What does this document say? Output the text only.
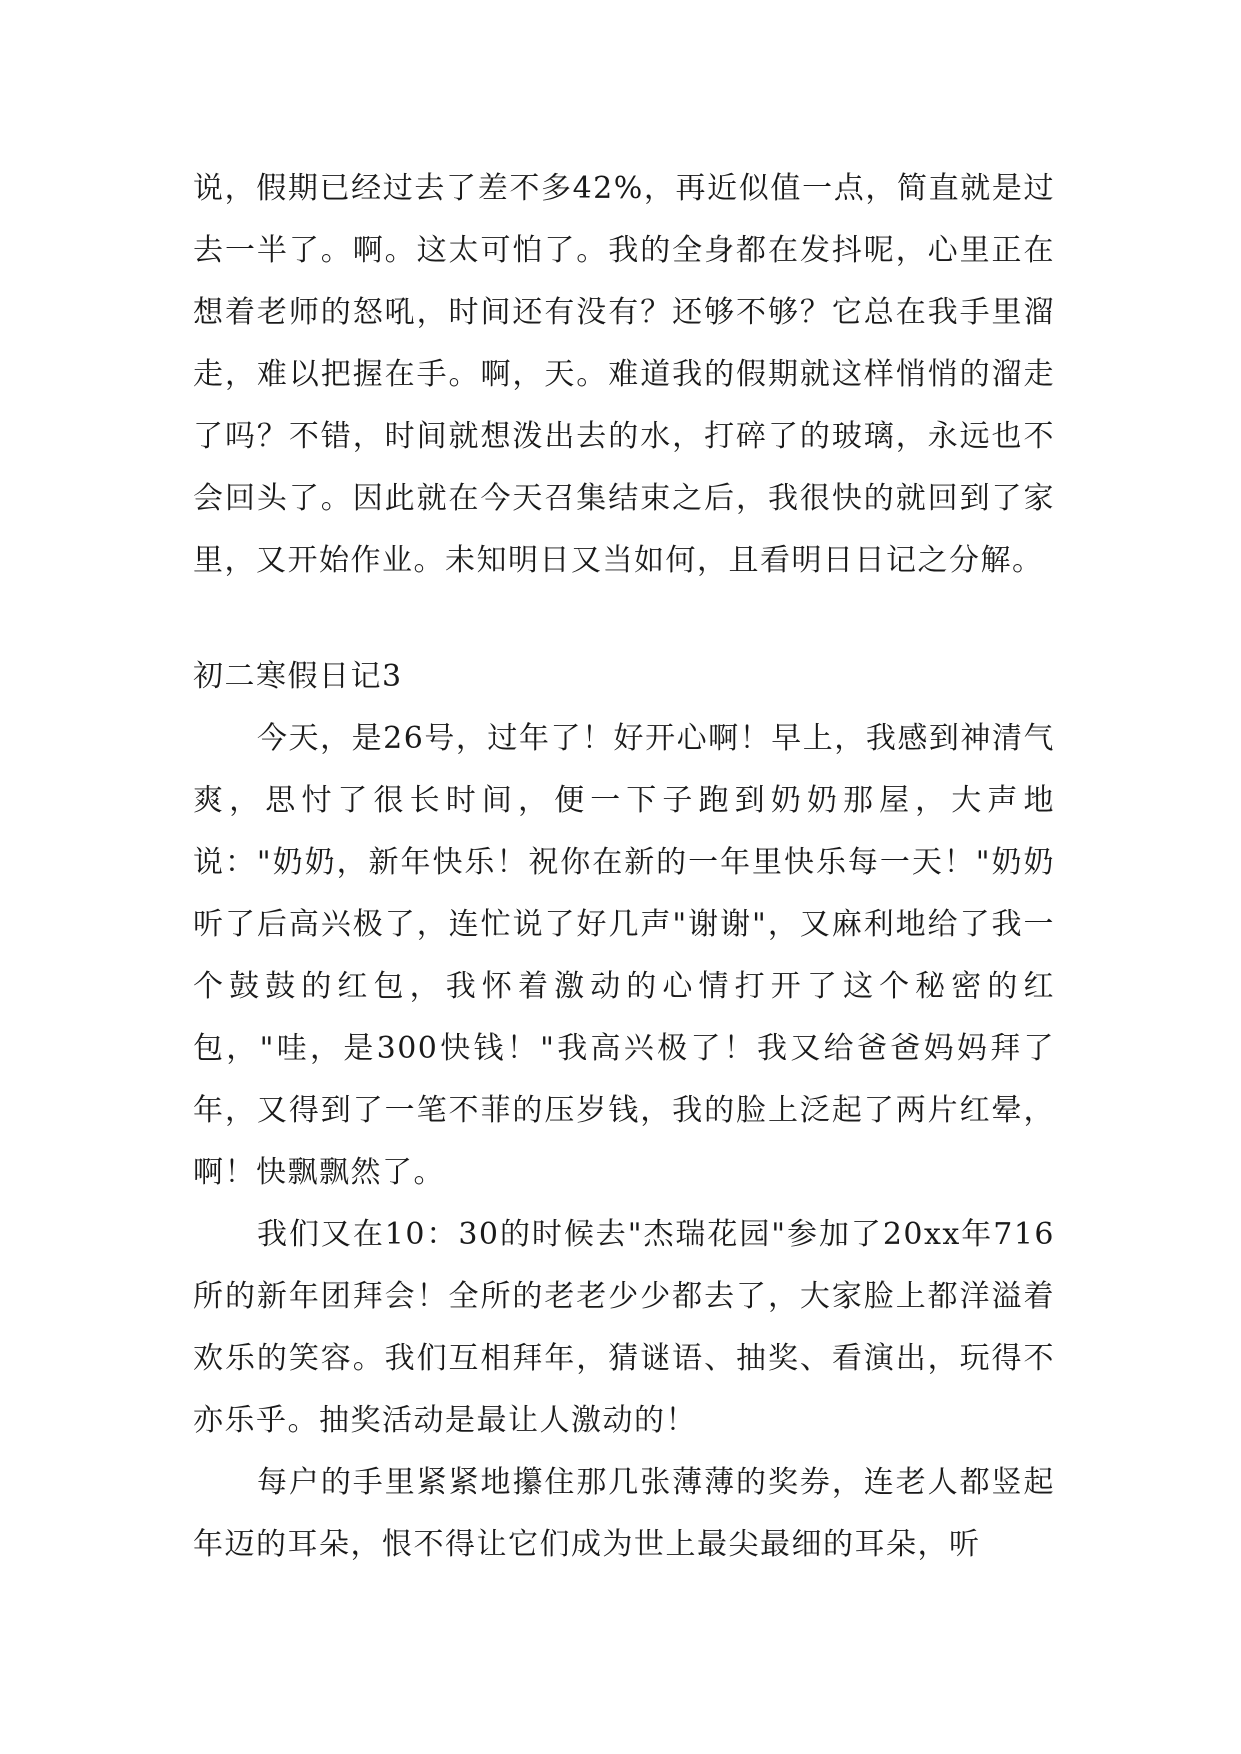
说，假期已经过去了差不多42%，再近似值一点，简直就是过去一半了。啊。这太可怕了。我的全身都在发抖呢，心里正在想着老师的怒吼，时间还有没有？还够不够？它总在我手里溜走，难以把握在手。啊，天。难道我的假期就这样悄悄的溜走了吗？不错，时间就想泼出去的水，打碎了的玻璃，永远也不会回头了。因此就在今天召集结束之后，我很快的就回到了家里，又开始作业。未知明日又当如何，且看明日日记之分解。

初二寒假日记3

今天，是26号，过年了！好开心啊！早上，我感到神清气爽，思忖了很长时间，便一下子跑到奶奶那屋，大声地说："奶奶，新年快乐！祝你在新的一年里快乐每一天！"奶奶听了后高兴极了，连忙说了好几声"谢谢"，又麻利地给了我一个鼓鼓的红包，我怀着激动的心情打开了这个秘密的红包，"哇，是300快钱！"我高兴极了！我又给爸爸妈妈拜了年，又得到了一笔不菲的压岁钱，我的脸上泛起了两片红晕，啊！快飘飘然了。

我们又在10：30的时候去"杰瑞花园"参加了20xx年716所的新年团拜会！全所的老老少少都去了，大家脸上都洋溢着欢乐的笑容。我们互相拜年，猜谜语、抽奖、看演出，玩得不亦乐乎。抽奖活动是最让人激动的！

每户的手里紧紧地攥住那几张薄薄的奖券，连老人都竖起年迈的耳朵，恨不得让它们成为世上最尖最细的耳朵，听
